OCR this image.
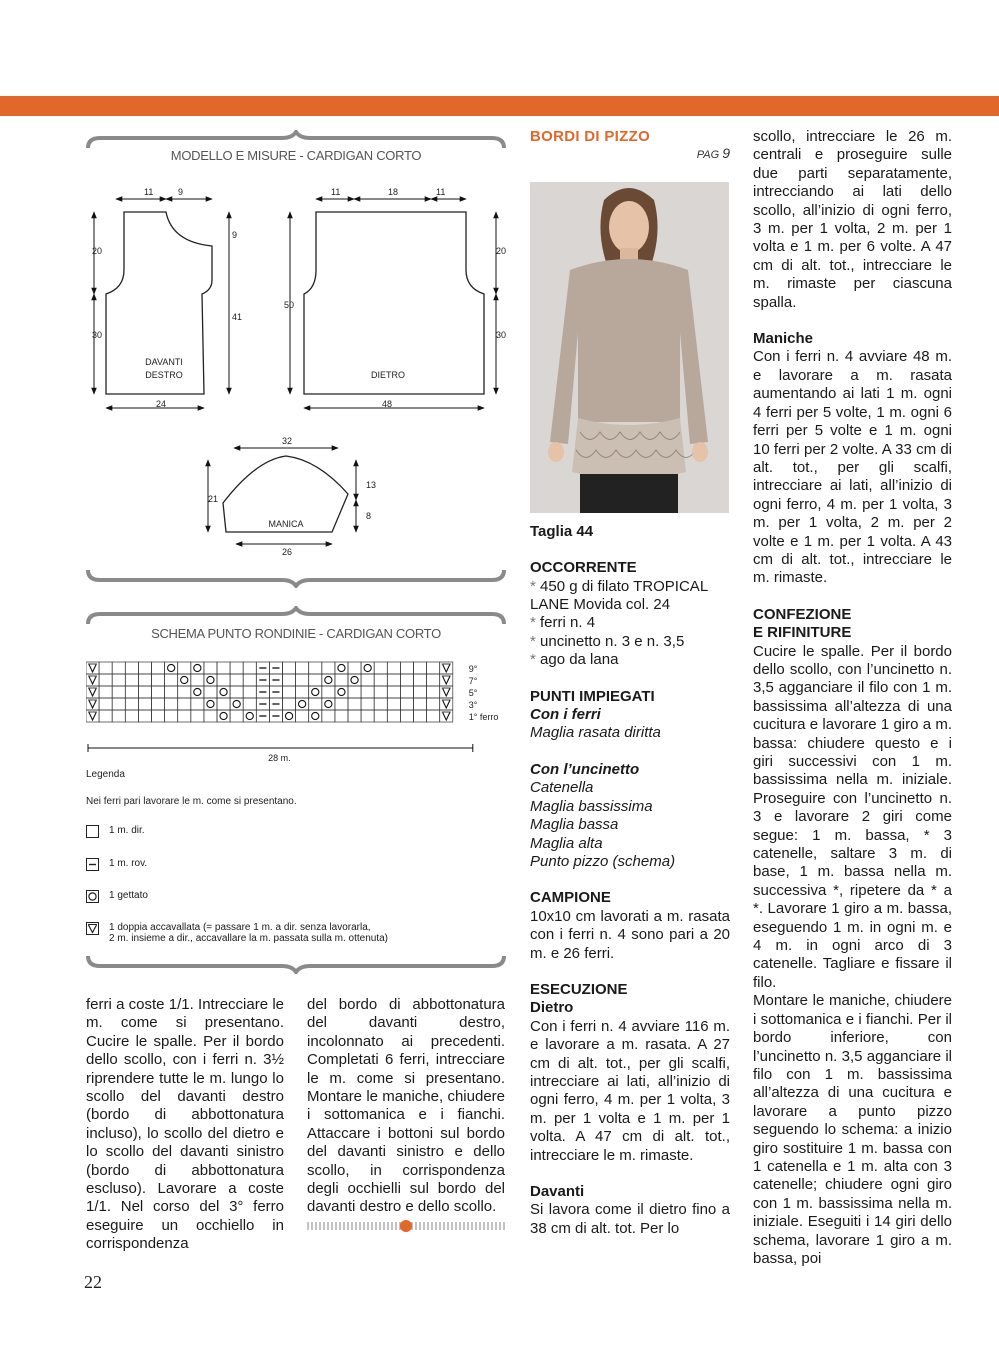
MODELLO E MISURE - CARDIGAN CORTO
11	9
9
20
30
41
24
DAVANTI
DESTRO
11	18	11
50
20
30
48
DIETRO
32
21
13
8
26
MANICA
SCHEMA PUNTO RONDINIE - CARDIGAN CORTO
9°
7°
5°
3°
1° ferro
28 m.
Legenda
Nei ferri pari lavorare le m. come si presentano.
1 m. dir.
1 m. rov.
1 gettato
1 doppia accavallata (= passare 1 m. a dir. senza lavorarla,
2 m. insieme a dir., accavallare la m. passata sulla m. ottenuta)

ferri a coste 1/1. Intrecciare le m. come si presentano. Cucire le spalle. Per il bordo dello scollo, con i ferri n. 3½ riprendere tutte le m. lungo lo scollo del davanti destro (bordo di abbottonatura incluso), lo scollo del dietro e lo scollo del davanti sinistro (bordo di abbottonatura escluso). Lavorare a coste 1/1. Nel corso del 3° ferro eseguire un occhiello in corrispondenza

del bordo di abbottonatura del davanti destro, incolonnato ai precedenti. Completati 6 ferri, intrecciare le m. come si presentano. Montare le maniche, chiudere i sottomanica e i fianchi. Attaccare i bottoni sul bordo del davanti sinistro e dello scollo, in corrispondenza degli occhielli sul bordo del davanti destro e dello scollo.

BORDI DI PIZZO
PAG 9

Taglia 44

OCCORRENTE

* 450 g di filato TROPICAL LANE Movida col. 24

* ferri n. 4

* uncinetto n. 3 e n. 3,5

* ago da lana

PUNTI IMPIEGATI

Con i ferri

Maglia rasata diritta

Con l’uncinetto

Catenella

Maglia bassissima

Maglia bassa

Maglia alta

Punto pizzo (schema)

CAMPIONE

10x10 cm lavorati a m. rasata con i ferri n. 4 sono pari a 20 m. e 26 ferri.

ESECUZIONE

Dietro

Con i ferri n. 4 avviare 116 m. e lavorare a m. rasata. A 27 cm di alt. tot., per gli scalfi, intrecciare ai lati, all’inizio di ogni ferro, 4 m. per 1 volta, 3 m. per 1 volta e 1 m. per 1 volta. A 47 cm di alt. tot., intrecciare le m. rimaste.

Davanti

Si lavora come il dietro fino a 38 cm di alt. tot. Per lo

scollo, intrecciare le 26 m. centrali e proseguire sulle due parti separatamente, intrecciando ai lati dello scollo, all’inizio di ogni ferro, 3 m. per 1 volta, 2 m. per 1 volta e 1 m. per 6 volte. A 47 cm di alt. tot., intrecciare le m. rimaste per ciascuna spalla.

Maniche

Con i ferri n. 4 avviare 48 m. e lavorare a m. rasata aumentando ai lati 1 m. ogni 4 ferri per 5 volte, 1 m. ogni 6 ferri per 5 volte e 1 m. ogni 10 ferri per 2 volte. A 33 cm di alt. tot., per gli scalfi, intrecciare ai lati, all’inizio di ogni ferro, 4 m. per 1 volta, 3 m. per 1 volta, 2 m. per 2 volte e 1 m. per 1 volta. A 43 cm di alt. tot., intrecciare le m. rimaste.

CONFEZIONE

E RIFINITURE

Cucire le spalle. Per il bordo dello scollo, con l’uncinetto n. 3,5 agganciare il filo con 1 m. bassissima all’altezza di una cucitura e lavorare 1 giro a m. bassa: chiudere questo e i giri successivi con 1 m. bassissima nella m. iniziale. Proseguire con l’uncinetto n. 3 e lavorare 2 giri come segue: 1 m. bassa, * 3 catenelle, saltare 3 m. di base, 1 m. bassa nella m. successiva *, ripetere da * a *. Lavorare 1 giro a m. bassa, eseguendo 1 m. in ogni m. e 4 m. in ogni arco di 3 catenelle. Tagliare e fissare il filo.

Montare le maniche, chiudere i sottomanica e i fianchi. Per il bordo inferiore, con l’uncinetto n. 3,5 agganciare il filo con 1 m. bassissima all’altezza di una cucitura e lavorare a punto pizzo seguendo lo schema: a inizio giro sostituire 1 m. bassa con 1 catenella e 1 m. alta con 3 catenelle; chiudere ogni giro con 1 m. bassissima nella m. iniziale. Eseguiti i 14 giri dello schema, lavorare 1 giro a m. bassa, poi

22
